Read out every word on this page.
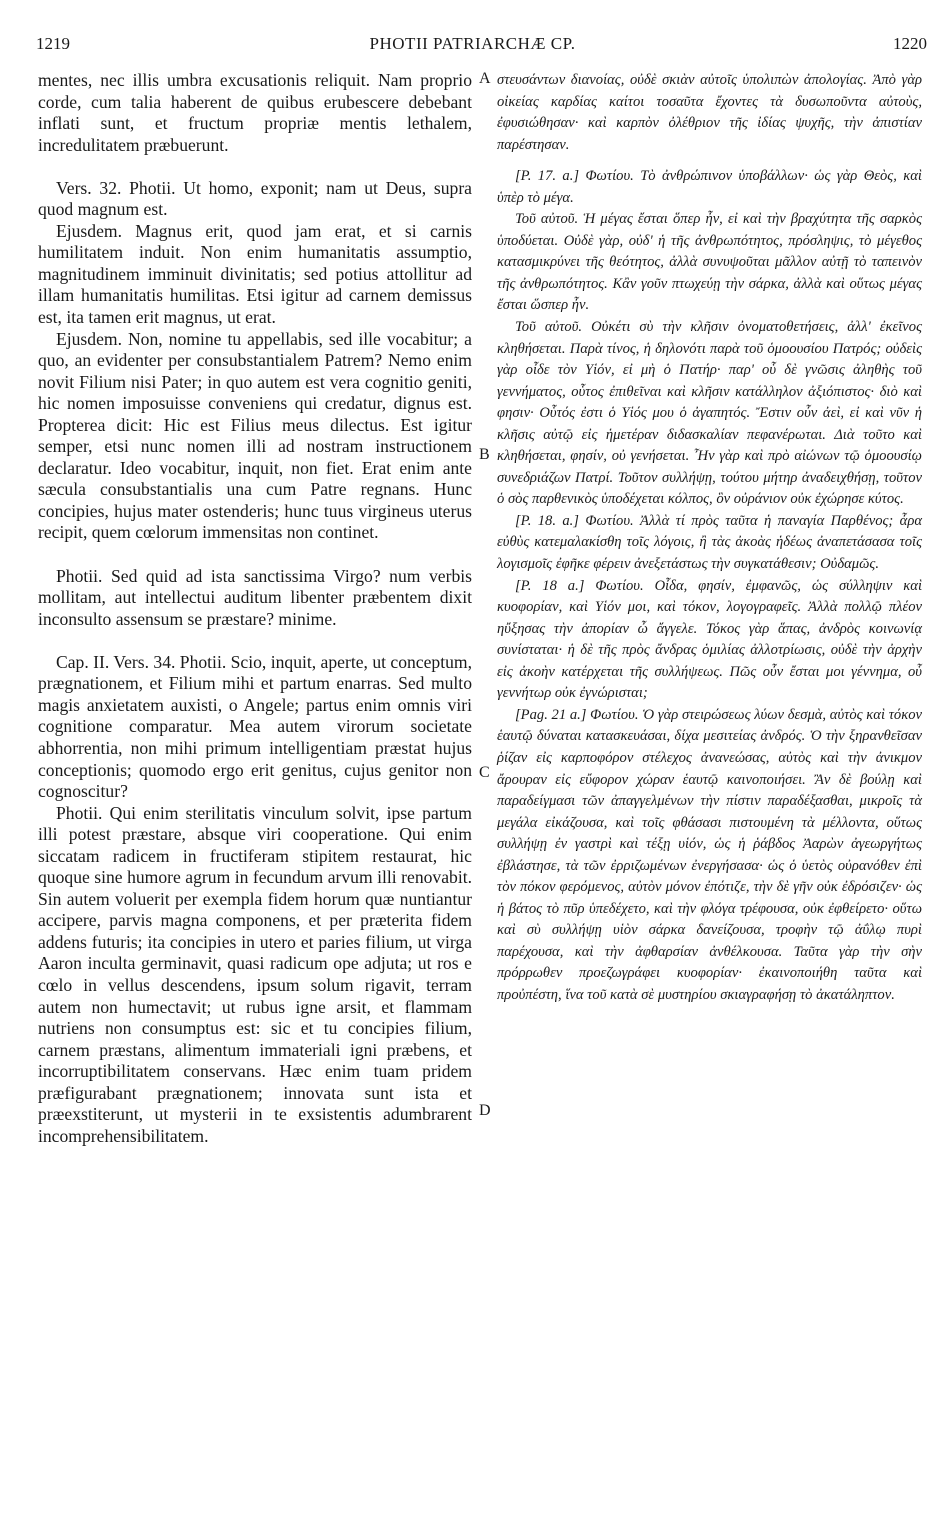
1219	PHOTII PATRIARCHÆ CP.	1220

mentes, nec illis umbra excusationis reliquit. Nam proprio corde, cum talia haberent de quibus erubescere debebant inflati sunt, et fructum propriæ mentis lethalem, incredulitatem præbuerunt.

Vers. 32. Photii. Ut homo, exponit; nam ut Deus, supra quod magnum est.

Ejusdem. Magnus erit, quod jam erat, et si carnis humilitatem induit. Non enim humanitatis assumptio, magnitudinem imminuit divinitatis; sed potius attollitur ad illam humanitatis humilitas. Etsi igitur ad carnem demissus est, ita tamen erit magnus, ut erat.

Ejusdem. Non, nomine tu appellabis, sed ille vocabitur; a quo, an evidenter per consubstantialem Patrem? Nemo enim novit Filium nisi Pater; in quo autem est vera cognitio geniti, hic nomen imposuisse conveniens qui credatur, dignus est. Propterea dicit: Hic est Filius meus dilectus. Est igitur semper, etsi nunc nomen illi ad nostram instructionem declaratur. Ideo vocabitur, inquit, non fiet. Erat enim ante sæcula consubstantialis una cum Patre regnans. Hunc concipies, hujus mater ostenderis; hunc tuus virgineus uterus recipit, quem cœlorum immensitas non continet.

Photii. Sed quid ad ista sanctissima Virgo? num verbis mollitam, aut intellectui auditum libenter præbentem dixit inconsulto assensum se præstare? minime.

Cap. II. Vers. 34. Photii. Scio, inquit, aperte, ut conceptum, prægnationem, et Filium mihi et partum enarras. Sed multo magis anxietatem auxisti, o Angele; partus enim omnis viri cognitione comparatur. Mea autem virorum societate abhorrentia, non mihi primum intelligentiam præstat hujus conceptionis; quomodo ergo erit genitus, cujus genitor non cognoscitur?

Photii. Qui enim sterilitatis vinculum solvit, ipse partum illi potest præstare, absque viri cooperatione. Qui enim siccatam radicem in fructiferam stipitem restaurat, hic quoque sine humore agrum in fecundum arvum illi renovabit. Sin autem voluerit per exempla fidem horum quæ nuntiantur accipere, parvis magna componens, et per præterita fidem addens futuris; ita concipies in utero et paries filium, ut virga Aaron inculta germinavit, quasi radicum ope adjuta; ut ros e cœlo in vellus descendens, ipsum solum rigavit, terram autem non humectavit; ut rubus igne arsit, et flammam nutriens non consumptus est: sic et tu concipies filium, carnem præstans, alimentum immateriali igni præbens, et incorruptibilitatem conservans. Hæc enim tuam pridem præfigurabant prægnationem; innovata sunt ista et præexstiterunt, ut mysterii in te exsistentis adumbrarent incomprehensibilitatem.

A
B
C
D

στευσάντων διανοίας, οὐδὲ σκιὰν αὐτοῖς ὑπολιπὼν ἀπολογίας. Ἀπὸ γὰρ οἰκείας καρδίας καίτοι τοσαῦτα ἔχοντες τὰ δυσωποῦντα αὐτοὺς, ἐφυσιώθησαν· καὶ καρπὸν ὀλέθριον τῆς ἰδίας ψυχῆς, τὴν ἀπιστίαν παρέστησαν.

[P. 17. a.] Φωτίου. Τὸ ἀνθρώπινον ὑποβάλλων· ὡς γὰρ Θεὸς, καὶ ὑπὲρ τὸ μέγα.

Τοῦ αὐτοῦ. Ἡ μέγας ἔσται ὅπερ ἦν, εἰ καὶ τὴν βραχύτητα τῆς σαρκὸς ὑποδύεται. Οὐδὲ γὰρ, οὐδ' ἡ τῆς ἀνθρωπότητος, πρόσληψις, τὸ μέγεθος κατασμικρύνει τῆς θεότητος, ἀλλὰ συνυψοῦται μᾶλλον αὐτῇ τὸ ταπεινὸν τῆς ἀνθρωπότητος. Κἂν γοῦν πτωχεύῃ τὴν σάρκα, ἀλλὰ καὶ οὕτως μέγας ἔσται ὥσπερ ἦν.

Τοῦ αὐτοῦ. Οὐκέτι σὺ τὴν κλῆσιν ὀνοματοθετήσεις, ἀλλ' ἐκεῖνος κληθήσεται. Παρὰ τίνος, ἡ δηλονότι παρὰ τοῦ ὁμοουσίου Πατρός; οὐδεὶς γὰρ οἶδε τὸν Υἱόν, εἰ μὴ ὁ Πατήρ· παρ' οὗ δὲ γνῶσις ἀληθὴς τοῦ γεννήματος, οὗτος ἐπιθεῖναι καὶ κλῆσιν κατάλληλον ἀξιόπιστος· διὸ καὶ φησιν· Οὗτός ἐστι ὁ Υἱός μου ὁ ἀγαπητός. Ἔστιν οὖν ἀεὶ, εἰ καὶ νῦν ἡ κλῆσις αὐτῷ εἰς ἡμετέραν διδασκαλίαν πεφανέρωται. Διὰ τοῦτο καὶ κληθήσεται, φησίν, οὐ γενήσεται. Ἦν γὰρ καὶ πρὸ αἰώνων τῷ ὁμοουσίῳ συνεδριάζων Πατρί. Τοῦτον συλλήψῃ, τούτου μήτηρ ἀναδειχθήσῃ, τοῦτον ὁ σὸς παρθενικὸς ὑποδέχεται κόλπος, ὃν οὐράνιον οὐκ ἐχώρησε κύτος.

[P. 18. a.] Φωτίου. Ἀλλὰ τί πρὸς ταῦτα ἡ παναγία Παρθένος; ἆρα εὐθὺς κατεμαλακίσθη τοῖς λόγοις, ἢ τὰς ἀκοὰς ἡδέως ἀναπετάσασα τοῖς λογισμοῖς ἐφῆκε φέρειν ἀνεξετάστως τὴν συγκατάθεσιν; Οὐδαμῶς.

[P. 18 a.] Φωτίου. Οἶδα, φησίν, ἐμφανῶς, ὡς σύλληψιν καὶ κυοφορίαν, καὶ Υἱόν μοι, καὶ τόκον, λογογραφεῖς. Ἀλλὰ πολλῷ πλέον ηὔξησας τὴν ἀπορίαν ὦ ἄγγελε. Τόκος γὰρ ἅπας, ἀνδρὸς κοινωνίᾳ συνίσταται· ἡ δὲ τῆς πρὸς ἄνδρας ὁμιλίας ἀλλοτρίωσις, οὐδὲ τὴν ἀρχὴν εἰς ἀκοὴν κατέρχεται τῆς συλλήψεως. Πῶς οὖν ἔσται μοι γέννημα, οὗ γεννήτωρ οὐκ ἐγνώρισται;

[Pag. 21 a.] Φωτίου. Ὁ γὰρ στειρώσεως λύων δεσμὰ, αὐτὸς καὶ τόκον ἑαυτῷ δύναται κατασκευάσαι, δίχα μεσιτείας ἀνδρός. Ὁ τὴν ξηρανθεῖσαν ῥίζαν εἰς καρποφόρον στέλεχος ἀνανεώσας, αὐτὸς καὶ τὴν ἀνικμον ἄρουραν εἰς εὔφορον χώραν ἑαυτῷ καινοποιήσει. Ἂν δὲ βούλῃ καὶ παραδείγμασι τῶν ἀπαγγελμένων τὴν πίστιν παραδέξασθαι, μικροῖς τὰ μεγάλα εἰκάζουσα, καὶ τοῖς φθάσασι πιστουμένη τὰ μέλλοντα, οὕτως συλλήψῃ ἐν γαστρὶ καὶ τέξῃ υἱόν, ὡς ἡ ῥάβδος Ἀαρὼν ἀγεωργήτως ἐβλάστησε, τὰ τῶν ἐρριζωμένων ἐνεργήσασα· ὡς ὁ ὑετὸς οὐρανόθεν ἐπὶ τὸν πόκον φερόμενος, αὐτὸν μόνον ἐπότιζε, τὴν δὲ γῆν οὐκ ἐδρόσιζεν· ὡς ἡ βάτος τὸ πῦρ ὑπεδέχετο, καὶ τὴν φλόγα τρέφουσα, οὐκ ἐφθείρετο· οὕτω καὶ σὺ συλλήψῃ υἱὸν σάρκα δανείζουσα, τροφὴν τῷ ἀΰλῳ πυρὶ παρέχουσα, καὶ τὴν ἀφθαρσίαν ἀνθέλκουσα. Ταῦτα γὰρ τὴν σὴν πρόρρωθεν προεζωγράφει κυοφορίαν· ἐκαινοποιήθη ταῦτα καὶ προὐπέστη, ἵνα τοῦ κατὰ σὲ μυστηρίου σκιαγραφήσῃ τὸ ἀκατάληπτον.
